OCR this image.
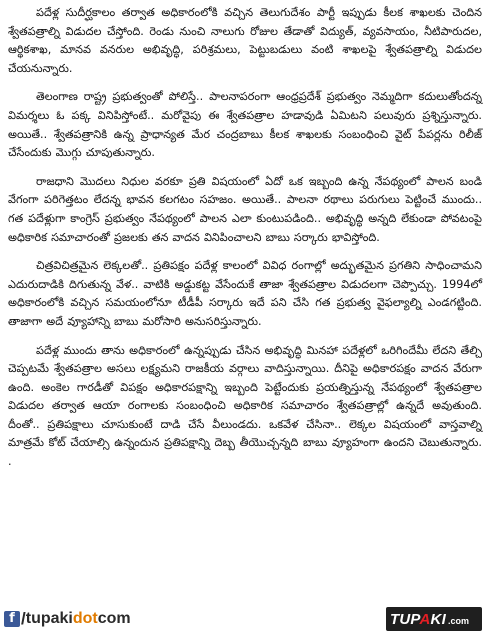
పదేళ్ల సుదీర్ఘకాలం తర్వాత అధికారంలోకి వచ్చిన తెలుగుదేశం పార్టీ ఇప్పుడు కీలక శాఖలకు చెందిన శ్వేతపత్రాల్ని విడుదల చేస్తోంది. రెండు నుంచి నాలుగు రోజుల తేడాతో విద్యుత్, వ్యవసాయం, నీటిపారుదల, ఆర్థికశాఖ, మానవ వనరుల అభివృద్ధి, పరిశ్రమలు, పెట్టుబడులు వంటి శాఖలపై శ్వేతపత్రాల్ని విడుదల చేయనున్నారు.

తెలంగాణ రాష్ట్ర ప్రభుత్వంతో పోలిస్తే.. పాలనాపరంగా ఆంధ్రప్రదేశ్ ప్రభుత్వం నెమ్మదిగా కదులుతోందన్న విమర్శలు ఓ పక్క వినిపిస్తోంటే.. మరోవైపు ఈ శ్వేతపత్రాల హడావుడి ఏమిటని పలువురు ప్రశ్నిస్తున్నారు. అయితే.. శ్వేతపత్రానికి ఉన్న ప్రాధాన్యత మేర చంద్రబాబు కీలక శాఖలకు సంబంధించి వైట్ పేపర్లను రిలీజ్ చేసేందుకు మొగ్గు చూపుతున్నారు.

రాజధాని మొదలు నిధుల వరకూ ప్రతి విషయంలో ఏదో ఒక ఇబ్బంది ఉన్న నేపథ్యంలో పాలన బండి వేగంగా పరిగెత్తటం లేదన్న భావన కలగటం సహజం. అయితే.. పాలనా రథాలు పరుగులు పెట్టించే ముందు.. గత పదేళ్లుగా కాంగ్రెస్ ప్రభుత్వం నేపథ్యంలో పాలన ఎలా కుంటుపడింది.. అభివృద్ధి అన్నది లేకుండా పోవటంపై అధికారిక సమాచారంతో ప్రజలకు తన వాదన వినిపించాలని బాబు సర్కారు భావిస్తోంది.

చిత్రవిచిత్రమైన లెక్కలతో.. ప్రతిపక్షం పదేళ్ల కాలంలో వివిధ రంగాల్లో అద్భుతమైన ప్రగతిని సాధించామని ఎదురుదాడికి దిగుతున్న వేళ.. వాటికి అడ్డుకట్ట వేసేందుకే తాజా శ్వేతపత్రాల విడుదలగా చెప్పొచ్చు. 1994లో అధికారంలోకి వచ్చిన సమయంలోనూ టీడీపీ సర్కారు ఇదే పని చేసి గత ప్రభుత్వ వైఫల్యాల్ని ఎండగట్టింది. తాజాగా అదే వ్యూహాన్ని బాబు మరోసారి అనుసరిస్తున్నారు.

పదేళ్ల ముందు తాను అధికారంలో ఉన్నప్పుడు చేసిన అభివృద్ధి మినహా పదేళ్లలో ఒరిగిందేమీ లేదని తేల్చి చెప్పటమే శ్వేతపత్రాల అసలు లక్ష్యమని రాజకీయ వర్గాలు వాదిస్తున్నాయి. దీనిపై అధికారపక్షం వాదన వేరుగా ఉంది. అంకెల గారడీతో విపక్షం అధికారపక్షాన్ని ఇబ్బంది పెట్టేందుకు ప్రయత్నిస్తున్న నేపథ్యంలో శ్వేతపత్రాల విడుదల తర్వాత ఆయా రంగాలకు సంబంధించి అధికారిక సమాచారం శ్వేతపత్రాల్లో ఉన్నదే అవుతుంది. దీంతో.. ప్రతిపక్షాలు చూసుకుంటే దాడి చేసే వీలుండదు. ఒకవేళ చేసినా.. లెక్కల విషయంలో వాస్తవాల్ని మాత్రమే కోట్ చేయాల్సి ఉన్నందున ప్రతిపక్షాన్ని దెబ్బ తీయొచ్చన్నది బాబు వ్యూహంగా ఉందని చెబుతున్నారు. .

f / tupakidotcom	TUPAKI .com
